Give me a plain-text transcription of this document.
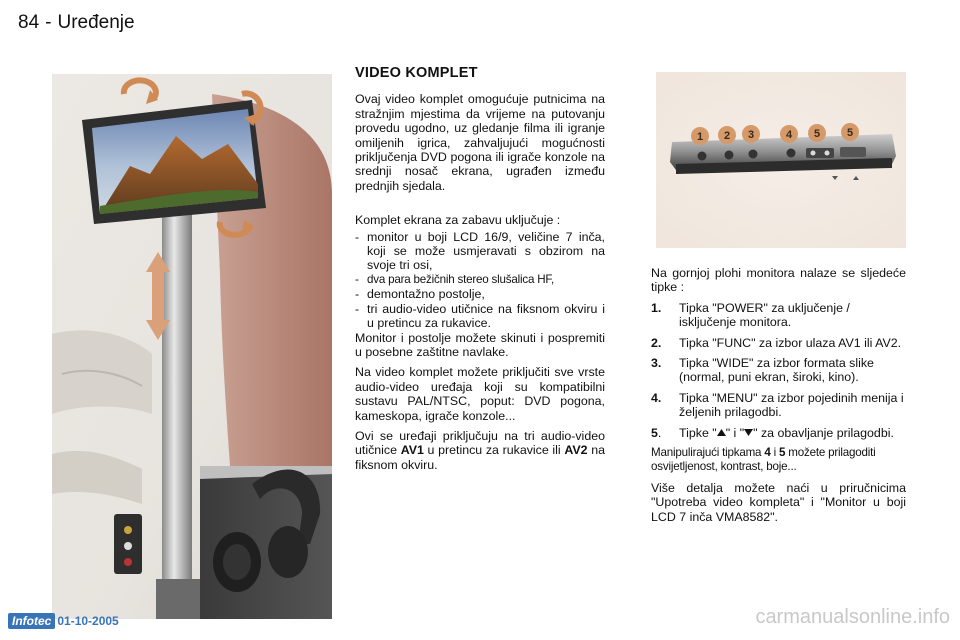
84 - Uređenje
VIDEO KOMPLET

Ovaj video komplet omogućuje putnicima na stražnjim mjestima da vrijeme na putovanju provedu ugodno, uz gledanje filma ili igranje omiljenih igrica, zahvaljujući mogućnosti priključenja DVD pogona ili igrače konzole na srednji nosač ekrana, ugrađen između prednjih sjedala.

Komplet ekrana za zabavu uključuje :

- monitor u boji LCD 16/9, veličine 7 inča, koji se može usmjeravati s obzirom na svoje tri osi,

- dva para bežičnih stereo slušalica HF,

- demontažno postolje,

- tri audio-video utičnice na fiksnom okviru i u pretincu za rukavice.

Monitor i postolje možete skinuti i pospremiti u posebne zaštitne navlake.

Na video komplet možete priključiti sve vrste audio-video uređaja koji su kompatibilni sustavu PAL/NTSC, poput: DVD pogona, kameskopa, igrače konzole...

Ovi se uređaji priključuju na tri audio-video utičnice AV1 u pretincu za rukavice ili AV2 na fiksnom okviru.

1 2 3	4 5 5

Na gornjoj plohi monitora nalaze se sljedeće tipke :

1.	Tipka "POWER" za uključenje / isključenje monitora.
2.	Tipka "FUNC" za izbor ulaza AV1 ili AV2.
3.	Tipka "WIDE" za izbor formata slike (normal, puni ekran, široki, kino).
4.	Tipka "MENU" za izbor pojedinih menija i željenih prilagodbi.
5.	Tipke " " i " " za obavljanje prilagodbi.

Manipulirajući tipkama 4 i 5 možete prilagoditi osvijetljenost, kontrast, boje...

Više detalja možete naći u priručnicima "Upotreba video kompleta" i "Monitor u boji LCD 7 inča VMA8582".

Infotec 01-10-2005	carmanualsonline.info
